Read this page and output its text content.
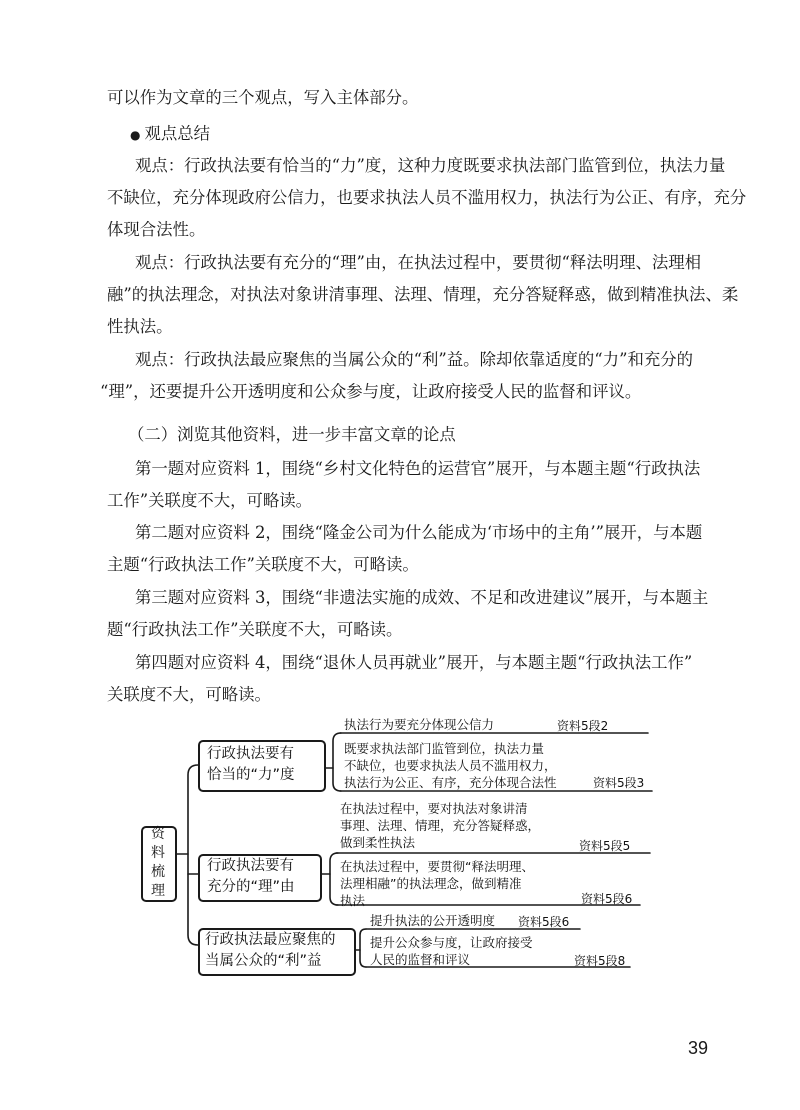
可以作为文章的三个观点，写入主体部分。
● 观点总结
观点：行政执法要有恰当的“力”度，这种力度既要求执法部门监管到位，执法力量
不缺位，充分体现政府公信力，也要求执法人员不滥用权力，执法行为公正、有序，充分
体现合法性。
观点：行政执法要有充分的“理”由，在执法过程中，要贯彻“释法明理、法理相
融”的执法理念，对执法对象讲清事理、法理、情理，充分答疑释惑，做到精准执法、柔
性执法。
观点：行政执法最应聚焦的当属公众的“利”益。除却依靠适度的“力”和充分的
“理”，还要提升公开透明度和公众参与度，让政府接受人民的监督和评议。
（二）浏览其他资料，进一步丰富文章的论点
第一题对应资料 1，围绕“乡村文化特色的运营官”展开，与本题主题“行政执法
工作”关联度不大，可略读。
第二题对应资料 2，围绕“隆金公司为什么能成为‘市场中的主角’”展开，与本题
主题“行政执法工作”关联度不大，可略读。
第三题对应资料 3，围绕“非遗法实施的成效、不足和改进建议”展开，与本题主
题“行政执法工作”关联度不大，可略读。
第四题对应资料 4，围绕“退休人员再就业”展开，与本题主题“行政执法工作”
关联度不大，可略读。
资
料
梳
理
行政执法要有
恰当的“力”度
行政执法要有
充分的“理”由
行政执法最应聚焦的
当属公众的“利”益
执法行为要充分体现公信力	资料5段2
既要求执法部门监管到位，执法力量
不缺位，也要求执法人员不滥用权力，
执法行为公正、有序，充分体现合法性	资料5段3
在执法过程中，要对执法对象讲清
事理、法理、情理，充分答疑释惑，
做到柔性执法	资料5段5
在执法过程中，要贯彻“释法明理、
法理相融”的执法理念，做到精准
执法	资料5段6
提升执法的公开透明度 资料5段6
提升公众参与度，让政府接受
人民的监督和评议	资料5段8
39
